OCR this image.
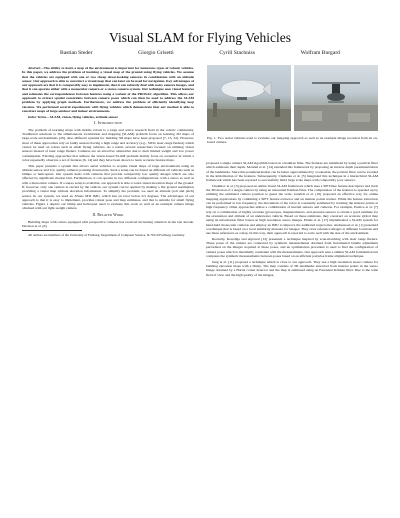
Visual SLAM for Flying Vehicles
Bastian Steder	Giorgio Grisetti	Cyrill Stachniss	Wolfram Burgard

Abstract—The ability to learn a map of the environment is important for numerous types of robotic vehicles. In this paper, we address the problem of learning a visual map of the ground using flying vehicles. We assume that the vehicles are equipped with one or two cheap down-looking cameras in combination with an attitude sensor. Our approach is able to construct a visual map that can later on be used for navigation. Key advantages of our approach are that it is comparably easy to implement, that it can robustly deal with noisy camera images, and that it can operate either with a monocular camera or a stereo camera system. Our technique uses visual features and estimates the correspondences between features using a variant of the PROSAC algorithm. This allows our approach to extract spatial constraints between camera poses which can then be used to address the SLAM problem by applying graph methods. Furthermore, we address the problem of efficiently identifying loop closures. We performed several experiments with flying vehicles which demonstrate that our method is able to construct maps of large outdoor and indoor environments.

Index Terms—SLAM, vision, flying vehicles, attitude sensor

I. Introduction

The problem of learning maps with mobile robots is a large and active research field in the robotic community. Traditional solutions to the simultaneous localization and mapping (SLAM) problem focus on learning 2D maps of large-scale environments [20]. Also different systems for building 3D maps have been proposed [7, 13, 22]. However, most of these approaches rely on bulky sensors having a high range and accuracy (e.g., SICK laser range finders) which cannot be used on robots such as small flying vehicles. As a result, several researchers focused on utilizing vision sensors instead of laser range finders. Cameras are an attractive alternative due to their limited weight and low power consumption. Existing approaches that address the vision-based SLAM problem mainly focus on scenarios in which a robot repeatedly observes a set of features [6, 14] and they have been shown to learn accurate feature maps.

This paper presents a system that allows aerial vehicles to acquire visual maps of large environments using an attitude sensor and low quality cameras pointing downwards. Such a setup can be found on different air vehicles such as blimps or helicopters. Our system deals with cameras that provide comparably low quality images which are also affected by significant motion blur. Furthermore, it can operate in two different configurations: with a stereo as well as with a monocular camera. If a stereo setup is available, our approach is able to learn visual elevation maps of the ground. If, however, only one camera is carried by the vehicle, our system can be applied by making a flat ground assumption providing a visual map without elevation information. To simplify the problem, we used an attitude (roll and pitch) sensor. In our system, we used an XSens MTi IMU, which has an error below 0.5 degrees. The advantages of our approach is that it is easy to implement, provides robust pose and map estimates, and that is suitable for small flying vehicles. Figure 1 depicts our blimp and helicopter used to evaluate this work as well as an example camera image obtained with our light-weight camera.

II. Related Work

Building maps with robots equipped with perspective cameras has received increasing attention in the last decade. Davison et al. [6]

All authors are members of the University of Freiburg, Department of Computer Science, D-79110 Freiburg, Germany

Fig. 1. Two aerial vehicles used to evaluate our mapping approach as well as an example image recorded from an on-board camera.

proposed a single camera SLAM algorithm based on a Kalman filter. The features are initialized by using a particle filter which estimates their depth. Montiel et al. [14] extended this framework by proposing an inverse depth parameterization of the landmarks. Since this parameterization can be better approximated by a Gaussian, the particle filter can be avoided in the initialization of the features. Subsequently, Clemente et al. [5] integrated this technique in a hierarchical SLAM framework which has been reported to successfully build large scale maps with comparably poor sensors.

Chekhlov et al. [3] proposed an online visual SLAM framework which uses a SIFT-like feature descriptors and track the 3D motion of a single camera by using an unscented Kalman filter. The computation of the features is speeded up by utilizing the estimated camera position to guess the scale. Jensfelt et al. [10] proposed an effective way for online mapping applications by combining a SIFT feature extractor and an interest points tracker. While the feature extraction can be performed at low frequency, the movement of the robot is constantly estimated by tracking the interest points at high frequency. Other approaches utilize a combination of inertial sensors and cameras. For example, Eustice et al. [7] rely on a combination of highly accurate gyroscopes, magnetometers, and pressure sensors to obtain a good estimate for the orientation and altitude of an underwater vehicle. Based on these estimates, they construct an accurate global map using an information filter based on high resolution stereo images. Piniés et al. [17] implemented a SLAM system for hand-held monocular cameras and employ an IMU to improve the estimated trajectories. Andreasson et al. [1] presented a technique that is based on a local similarity measure for images. They store reference images at different locations and use these references as a map. In this way, their approach is reported to scale well with the size of the environment.

Recently, Konolige and Agrawal [12] presented a technique inspired by scan-matching with laser range finders. These poses of the camera are connected by synthetic measurements obtained from incremental bundle adjustment performed on the images acquired at these poses, and an optimization procedure is used to find the configuration of camera poses which is maximally consistent with the measurements. Our approach uses a similar SLAM formulation but computes the synthetic measurements between poses based on an efficient pairwise frame alignment technique.

Jung et al. [11] proposed a technique which is close to our approach. They use a high resolution stereo camera for building elevation maps with a blimp. The map consists of 3D landmarks extracted from interest points in the stereo image obtained by a Harris corner detector and the map is estimated using an Extended Kalman filter. Due to the wide field of view and the high quality of the images,
